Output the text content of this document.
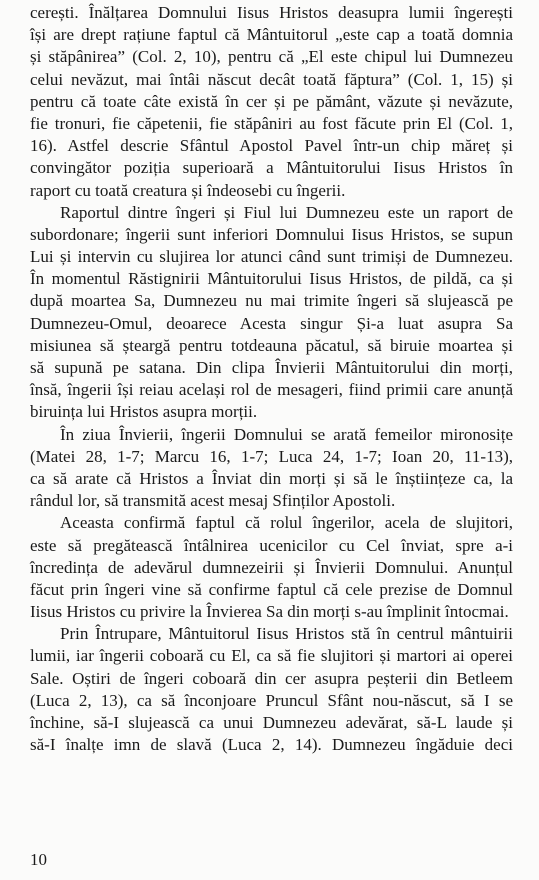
cerești. Înălțarea Domnului Iisus Hristos deasupra lumii îngerești
își are drept rațiune faptul că Mântuitorul „este cap a toată domnia
și stăpânirea” (Col. 2, 10), pentru că „El este chipul lui Dumnezeu
celui nevăzut, mai întâi născut decât toată făptura” (Col. 1, 15) și
pentru că toate câte există în cer și pe pământ, văzute și nevăzute,
fie tronuri, fie căpetenii, fie stăpâniri au fost făcute prin El (Col. 1,
16). Astfel descrie Sfântul Apostol Pavel într-un chip măreț și
convingător poziția superioară a Mântuitorului Iisus Hristos în
raport cu toată creatura și îndeosebi cu îngerii.
Raportul dintre îngeri și Fiul lui Dumnezeu este un raport de
subordonare; îngerii sunt inferiori Domnului Iisus Hristos, se supun
Lui și intervin cu slujirea lor atunci când sunt trimiși de Dumnezeu.
În momentul Răstignirii Mântuitorului Iisus Hristos, de pildă, ca și
după moartea Sa, Dumnezeu nu mai trimite îngeri să slujească pe
Dumnezeu-Omul, deoarece Acesta singur Și-a luat asupra Sa
misiunea să șteargă pentru totdeauna păcatul, să biruie moartea și
să supună pe satana. Din clipa Învierii Mântuitorului din morți,
însă, îngerii își reiau același rol de mesageri, fiind primii care anunță
biruința lui Hristos asupra morții.
În ziua Învierii, îngerii Domnului se arată femeilor mironosițe
(Matei 28, 1-7; Marcu 16, 1-7; Luca 24, 1-7; Ioan 20, 11-13),
ca să arate că Hristos a Înviat din morți și să le înștiințeze ca, la
rândul lor, să transmită acest mesaj Sfinților Apostoli.
Aceasta confirmă faptul că rolul îngerilor, acela de slujitori,
este să pregătească întâlnirea ucenicilor cu Cel înviat, spre a-i
încredința de adevărul dumnezeirii și Învierii Domnului. Anunțul
făcut prin îngeri vine să confirme faptul că cele prezise de Domnul
Iisus Hristos cu privire la Învierea Sa din morți s-au împlinit întocmai.
Prin Întrupare, Mântuitorul Iisus Hristos stă în centrul mântuirii
lumii, iar îngerii coboară cu El, ca să fie slujitori și martori ai operei
Sale. Oștiri de îngeri coboară din cer asupra peșterii din Betleem
(Luca 2, 13), ca să înconjoare Pruncul Sfânt nou-născut, să I se
închine, să-I slujească ca unui Dumnezeu adevărat, să-L laude și
să-I înalțe imn de slavă (Luca 2, 14). Dumnezeu îngăduie deci
10
